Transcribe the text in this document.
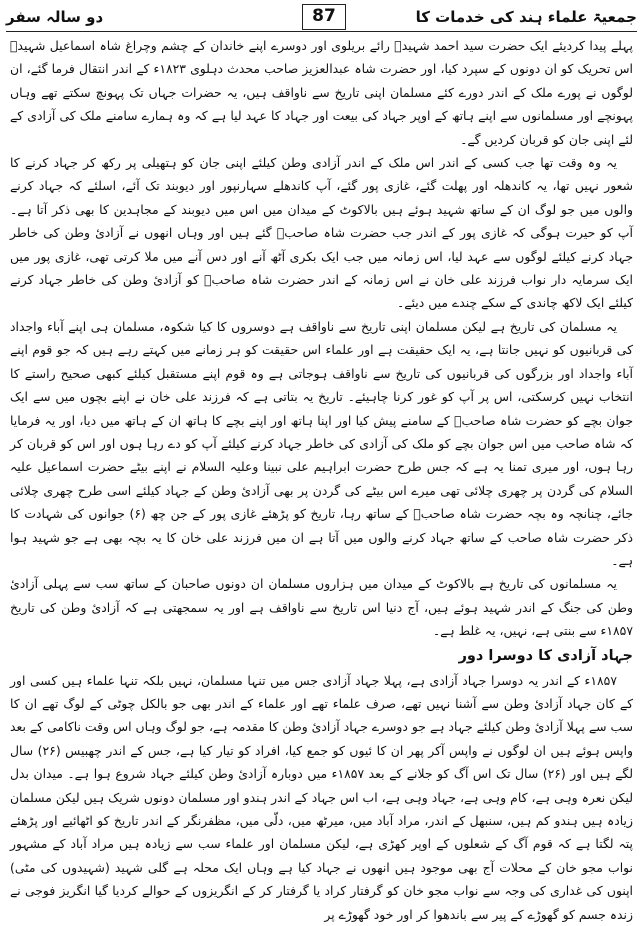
دو سالہ سفر	87	جمعیۃ علماء ہند کی خدمات کا

پہلے پیدا کردیئے ایک حضرت سید احمد شہیدؒ رائے بریلوی اور دوسرے اپنے خاندان کے چشم وچراغ شاہ اسماعیل شہیدؒ اس تحریک کو ان دونوں کے سپرد کیا، اور حضرت شاہ عبدالعزیز صاحب محدث دہلوی ۱۸۲۳ء کے اندر انتقال فرما گئے، ان لوگوں نے پورے ملک کے اندر دورے کئے مسلمان اپنی تاریخ سے ناواقف ہیں، یہ حضرات جہاں تک پہونچ سکتے تھے وہاں پہونچے اور مسلمانوں سے اپنے ہاتھ کے اوپر جہاد کی بیعت اور جہاد کا عہد لیا ہے کہ وہ ہمارے سامنے ملک کی آزادی کے لئے اپنی جان کو قربان کردیں گے۔

یہ وہ وقت تھا جب کسی کے اندر اس ملک کے اندر آزادی وطن کیلئے اپنی جان کو ہتھیلی پر رکھ کر جہاد کرنے کا شعور نہیں تھا، یہ کاندھلہ اور پھلت گئے، غازی پور گئے، آپ کاندھلے سہارنپور اور دیوبند تک آئے، اسلئے کہ جہاد کرنے والوں میں جو لوگ ان کے ساتھ شہید ہوئے ہیں بالاکوٹ کے میدان میں اس میں دیوبند کے مجاہدین کا بھی ذکر آتا ہے۔ آپ کو حیرت ہوگی کہ غازی پور کے اندر جب حضرت شاہ صاحبؒ گئے ہیں اور وہاں انھوں نے آزادیٔ وطن کی خاطر جہاد کرنے کیلئے لوگوں سے عہد لیا، اس زمانہ میں جب ایک بکری آٹھ آنے اور دس آنے میں ملا کرتی تھی، غازی پور میں ایک سرمایہ دار نواب فرزند علی خان نے اس زمانہ کے اندر حضرت شاہ صاحبؒ کو آزادیٔ وطن کی خاطر جہاد کرنے کیلئے ایک لاکھ چاندی کے سکے چندے میں دیئے۔

یہ مسلمان کی تاریخ ہے لیکن مسلمان اپنی تاریخ سے ناواقف ہے دوسروں کا کیا شکوہ، مسلمان ہی اپنے آباء واجداد کی قربانیوں کو نہیں جانتا ہے، یہ ایک حقیقت ہے اور علماء اس حقیقت کو ہر زمانے میں کہتے رہے ہیں کہ جو قوم اپنے آباء واجداد اور بزرگوں کی قربانیوں کی تاریخ سے ناواقف ہوجاتی ہے وہ قوم اپنے مستقبل کیلئے کبھی صحیح راستے کا انتخاب نہیں کرسکتی، اس پر آپ کو غور کرنا چاہیئے۔ تاریخ یہ بتاتی ہے کہ فرزند علی خان نے اپنے بچوں میں سے ایک جوان بچے کو حضرت شاہ صاحبؒ کے سامنے پیش کیا اور اپنا ہاتھ اور اپنے بچے کا ہاتھ ان کے ہاتھ میں دیا، اور یہ فرمایا کہ شاہ صاحب میں اس جوان بچے کو ملک کی آزادی کی خاطر جہاد کرنے کیلئے آپ کو دے رہا ہوں اور اس کو قربان کر رہا ہوں، اور میری تمنا یہ ہے کہ جس طرح حضرت ابراہیم علی نبینا وعلیہ السلام نے اپنے بیٹے حضرت اسماعیل علیہ السلام کی گردن پر چھری چلائی تھی میرے اس بیٹے کی گردن پر بھی آزادیٔ وطن کے جہاد کیلئے اسی طرح چھری چلائی جائے، چنانچہ وہ بچہ حضرت شاہ صاحبؒ کے ساتھ رہا، تاریخ کو پڑھئے غازی پور کے جن چھ (۶) جوانوں کی شہادت کا ذکر حضرت شاہ صاحب کے ساتھ جہاد کرنے والوں میں آتا ہے ان میں فرزند علی خان کا یہ بچہ بھی ہے جو شہید ہوا ہے۔

یہ مسلمانوں کی تاریخ ہے بالاکوٹ کے میدان میں ہزاروں مسلمان ان دونوں صاحبان کے ساتھ سب سے پہلی آزادیٔ وطن کی جنگ کے اندر شہید ہوئے ہیں، آج دنیا اس تاریخ سے ناواقف ہے اور یہ سمجھتی ہے کہ آزادیٔ وطن کی تاریخ ۱۸۵۷ء سے بنتی ہے، نہیں، یہ غلط ہے۔

جہاد آزادی کا دوسرا دور

۱۸۵۷ء کے اندر یہ دوسرا جہاد آزادی ہے، پہلا جہاد آزادی جس میں تنہا مسلمان، نہیں بلکہ تنہا علماء ہیں کسی اور کے کان جہاد آزادیٔ وطن سے آشنا نہیں تھے، صرف علماء تھے اور علماء کے اندر بھی جو بالکل چوٹی کے لوگ تھے ان کا سب سے پہلا آزادیٔ وطن کیلئے جہاد ہے جو دوسرے جہاد آزادیٔ وطن کا مقدمہ ہے، جو لوگ وہاں اس وقت ناکامی کے بعد واپس ہوئے ہیں ان لوگوں نے واپس آکر پھر ان کا ئیوں کو جمع کیا، افراد کو تیار کیا ہے، جس کے اندر چھبیس (۲۶) سال لگے ہیں اور (۲۶) سال تک اس آگ کو جلانے کے بعد ۱۸۵۷ء میں دوبارہ آزادیٔ وطن کیلئے جہاد شروع ہوا ہے۔ میدان بدل لیکن نعرہ وہی ہے، کام وہی ہے، جہاد وہی ہے، اب اس جہاد کے اندر ہندو اور مسلمان دونوں شریک ہیں لیکن مسلمان زیادہ ہیں ہندو کم ہیں، سنبھل کے اندر، مراد آباد میں، میرٹھ میں، دلّی میں، مظفرنگر کے اندر تاریخ کو اٹھائیے اور پڑھئے پتہ لگتا ہے کہ قوم آگ کے شعلوں کے اوپر کھڑی ہے، لیکن مسلمان اور علماء سب سے زیادہ ہیں مراد آباد کے مشہور نواب مجو خان کے محلات آج بھی موجود ہیں انھوں نے جہاد کیا ہے وہاں ایک محلہ ہے گلی شہید (شہیدوں کی مٹی) اپنوں کی غداری کی وجہ سے نواب مجو خان کو گرفتار کراد یا گرفتار کر کے انگریزوں کے حوالے کردیا گیا انگریز فوجی نے زندہ جسم کو گھوڑے کے پیر سے باندھوا کر اور خود گھوڑے پر
